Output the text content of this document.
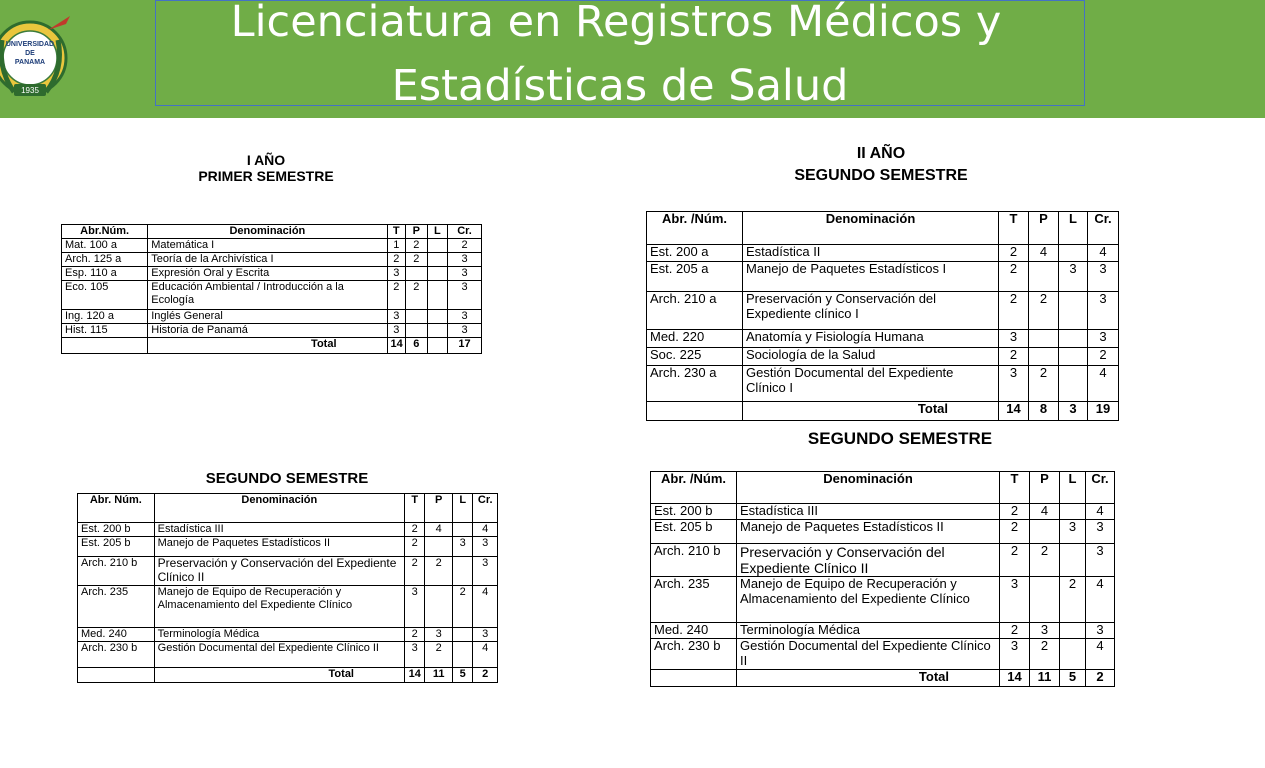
UNIVERSIDAD
DE
PANAMA
1935
Licenciatura en Registros Médicos y
Estadísticas de Salud
I AÑO
PRIMER SEMESTRE
Abr.Núm.	Denominación	T	P	L	Cr.
Mat. 100 a	Matemática I	1	2		2
Arch. 125 a	Teoría de la Archivística I	2	2		3
Esp. 110 a	Expresión Oral y Escrita	3			3
Eco. 105	Educación Ambiental / Introducción a la Ecología	2	2		3
Ing. 120 a	Inglés General	3			3
Hist. 115	Historia de Panamá	3			3
	Total	14	6		17
SEGUNDO SEMESTRE
Abr. Núm.	Denominación	T	P	L	Cr.
Est. 200 b	Estadística III	2	4		4
Est. 205 b	Manejo de Paquetes Estadísticos II	2		3	3
Arch. 210 b	Preservación y Conservación del Expediente Clínico II	2	2		3
Arch. 235	Manejo de Equipo de Recuperación y Almacenamiento del Expediente Clínico	3		2	4
Med. 240	Terminología Médica	2	3		3
Arch. 230 b	Gestión Documental del Expediente Clínico II	3	2		4
	Total	14	11	5	2
II AÑO
SEGUNDO SEMESTRE
Abr. /Núm.	Denominación	T	P	L	Cr.
Est. 200 a	Estadística II	2	4		4
Est. 205 a	Manejo de Paquetes Estadísticos I	2		3	3
Arch. 210 a	Preservación y Conservación del Expediente clínico I	2	2		3
Med. 220	Anatomía y Fisiología Humana	3			3
Soc. 225	Sociología de la Salud	2			2
Arch. 230 a	Gestión Documental del Expediente Clínico I	3	2		4
	Total	14	8	3	19
SEGUNDO SEMESTRE
Abr. /Núm.	Denominación	T	P	L	Cr.
Est. 200 b	Estadística III	2	4		4
Est. 205 b	Manejo de Paquetes Estadísticos II	2		3	3
Arch. 210 b	Preservación y Conservación del Expediente Clínico II	2	2		3
Arch. 235	Manejo de Equipo de Recuperación y Almacenamiento del Expediente Clínico	3		2	4
Med. 240	Terminología Médica	2	3		3
Arch. 230 b	Gestión Documental del Expediente Clínico II	3	2		4
	Total	14	11	5	2
